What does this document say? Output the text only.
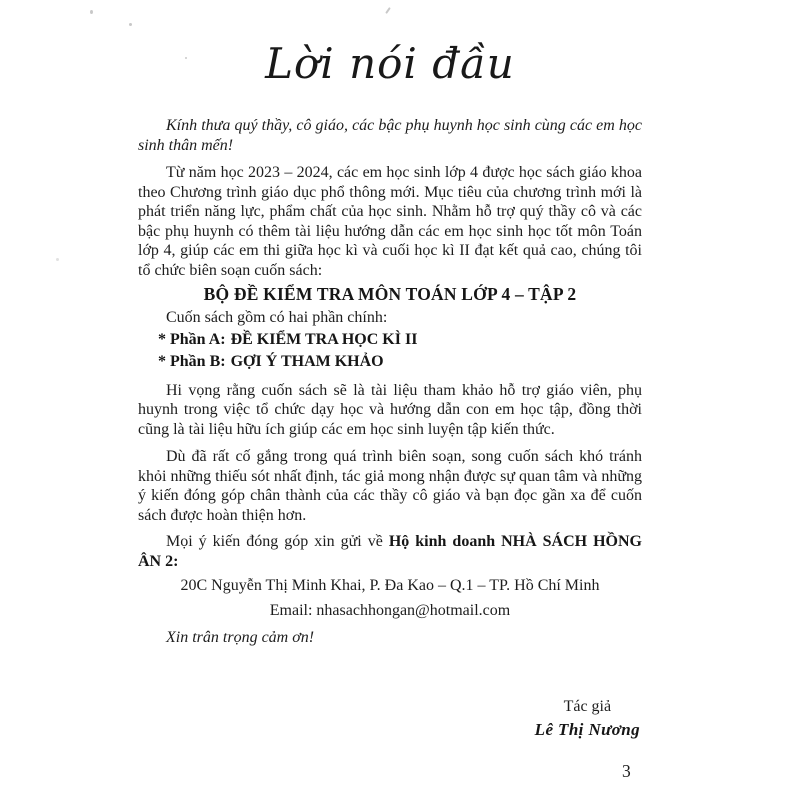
Lời nói đầu

Kính thưa quý thầy, cô giáo, các bậc phụ huynh học sinh cùng các em học sinh thân mến!

Từ năm học 2023 – 2024, các em học sinh lớp 4 được học sách giáo khoa theo Chương trình giáo dục phổ thông mới. Mục tiêu của chương trình mới là phát triển năng lực, phẩm chất của học sinh. Nhằm hỗ trợ quý thầy cô và các bậc phụ huynh có thêm tài liệu hướng dẫn các em học sinh học tốt môn Toán lớp 4, giúp các em thi giữa học kì và cuối học kì II đạt kết quả cao, chúng tôi tổ chức biên soạn cuốn sách:

BỘ ĐỀ KIỂM TRA MÔN TOÁN LỚP 4 – TẬP 2

Cuốn sách gồm có hai phần chính:

* Phần A: ĐỀ KIỂM TRA HỌC KÌ II
* Phần B: GỢI Ý THAM KHẢO

Hi vọng rằng cuốn sách sẽ là tài liệu tham khảo hỗ trợ giáo viên, phụ huynh trong việc tổ chức dạy học và hướng dẫn con em học tập, đồng thời cũng là tài liệu hữu ích giúp các em học sinh luyện tập kiến thức.

Dù đã rất cố gắng trong quá trình biên soạn, song cuốn sách khó tránh khỏi những thiếu sót nhất định, tác giả mong nhận được sự quan tâm và những ý kiến đóng góp chân thành của các thầy cô giáo và bạn đọc gần xa để cuốn sách được hoàn thiện hơn.

Mọi ý kiến đóng góp xin gửi về Hộ kinh doanh NHÀ SÁCH HỒNG ÂN 2:

20C Nguyễn Thị Minh Khai, P. Đa Kao – Q.1 – TP. Hồ Chí Minh

Email: nhasachhongan@hotmail.com

Xin trân trọng cảm ơn!

Tác giả
Lê Thị Nương
3
